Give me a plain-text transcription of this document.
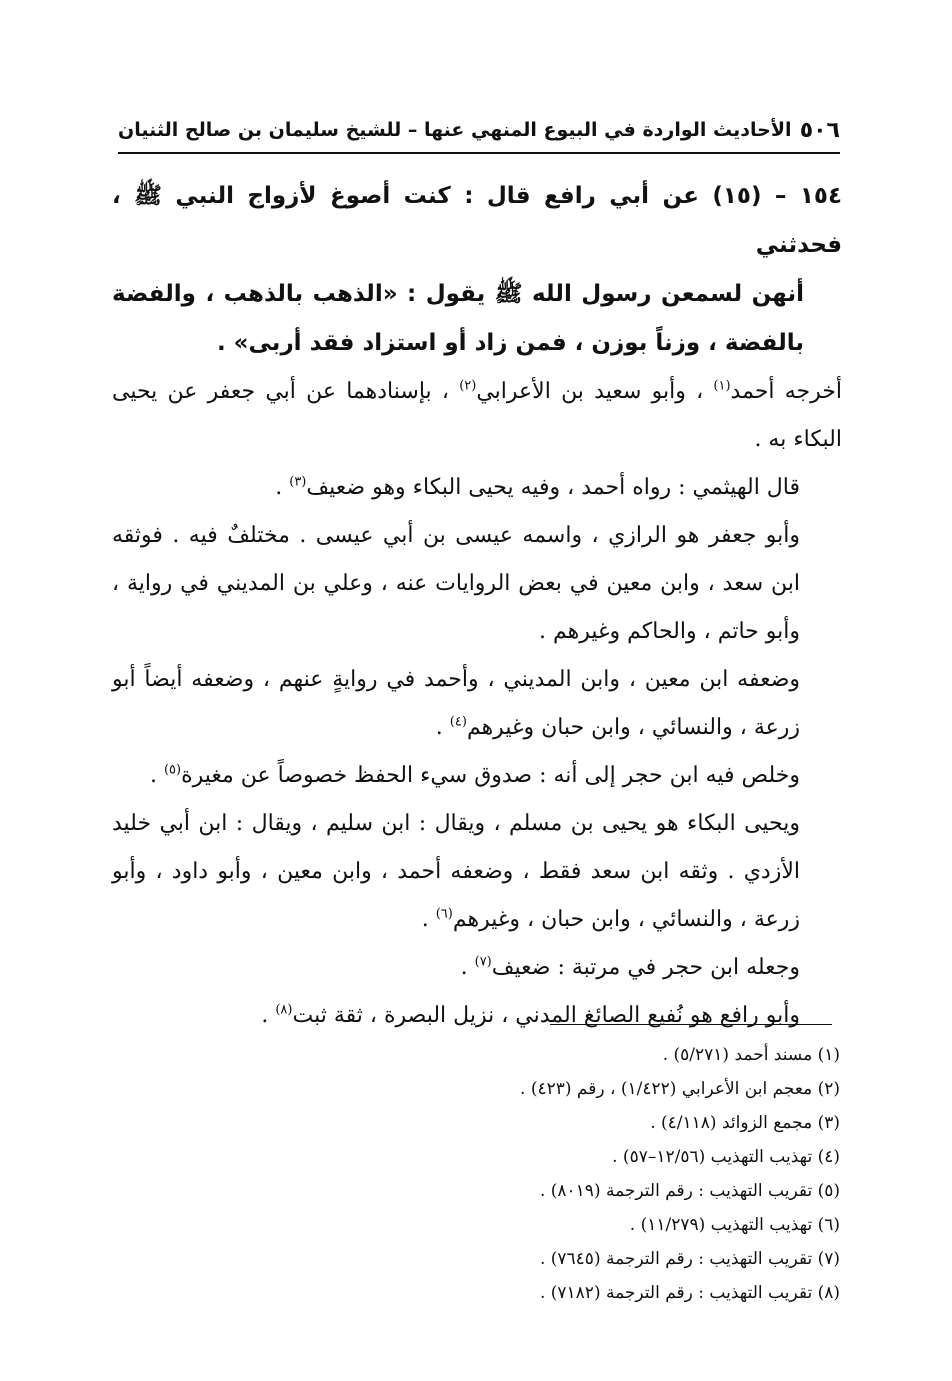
٥٠٦
الأحاديث الواردة في البيوع المنهي عنها – للشيخ سليمان بن صالح الثنيان

١٥٤ – (١٥) عن أبي رافع قال : كنت أصوغ لأزواج النبي ﷺ ، فحدثني

أنهن لسمعن رسول الله ﷺ يقول : «الذهب بالذهب ، والفضة بالفضة ، وزناً بوزن ، فمن زاد أو استزاد فقد أربى» .

أخرجه أحمد$^{(١)}$ ، وأبو سعيد بن الأعرابي$^{(٢)}$ ، بإسنادهما عن أبي جعفر عن يحيى البكاء به .

قال الهيثمي : رواه أحمد ، وفيه يحيى البكاء وهو ضعيف$^{(٣)}$ .

وأبو جعفر هو الرازي ، واسمه عيسى بن أبي عيسى . مختلفٌ فيه . فوثقه ابن سعد ، وابن معين في بعض الروايات عنه ، وعلي بن المديني في رواية ، وأبو حاتم ، والحاكم وغيرهم .

وضعفه ابن معين ، وابن المديني ، وأحمد في روايةٍ عنهم ، وضعفه أيضاً أبو زرعة ، والنسائي ، وابن حبان وغيرهم$^{(٤)}$ .

وخلص فيه ابن حجر إلى أنه : صدوق سيء الحفظ خصوصاً عن مغيرة$^{(٥)}$ .

ويحيى البكاء هو يحيى بن مسلم ، ويقال : ابن سليم ، ويقال : ابن أبي خليد الأزدي . وثقه ابن سعد فقط ، وضعفه أحمد ، وابن معين ، وأبو داود ، وأبو زرعة ، والنسائي ، وابن حبان ، وغيرهم$^{(٦)}$ .

وجعله ابن حجر في مرتبة : ضعيف$^{(٧)}$ .

وأبو رافع هو نُفيع الصائغ المدني ، نزيل البصرة ، ثقة ثبت$^{(٨)}$ .

(١) مسند أحمد (٥/٢٧١) .
(٢) معجم ابن الأعرابي (١/٤٢٢) ، رقم (٤٢٣) .
(٣) مجمع الزوائد (٤/١١٨) .
(٤) تهذيب التهذيب (١٢/٥٦–٥٧) .
(٥) تقريب التهذيب : رقم الترجمة (٨٠١٩) .
(٦) تهذيب التهذيب (١١/٢٧٩) .
(٧) تقريب التهذيب : رقم الترجمة (٧٦٤٥) .
(٨) تقريب التهذيب : رقم الترجمة (٧١٨٢) .
